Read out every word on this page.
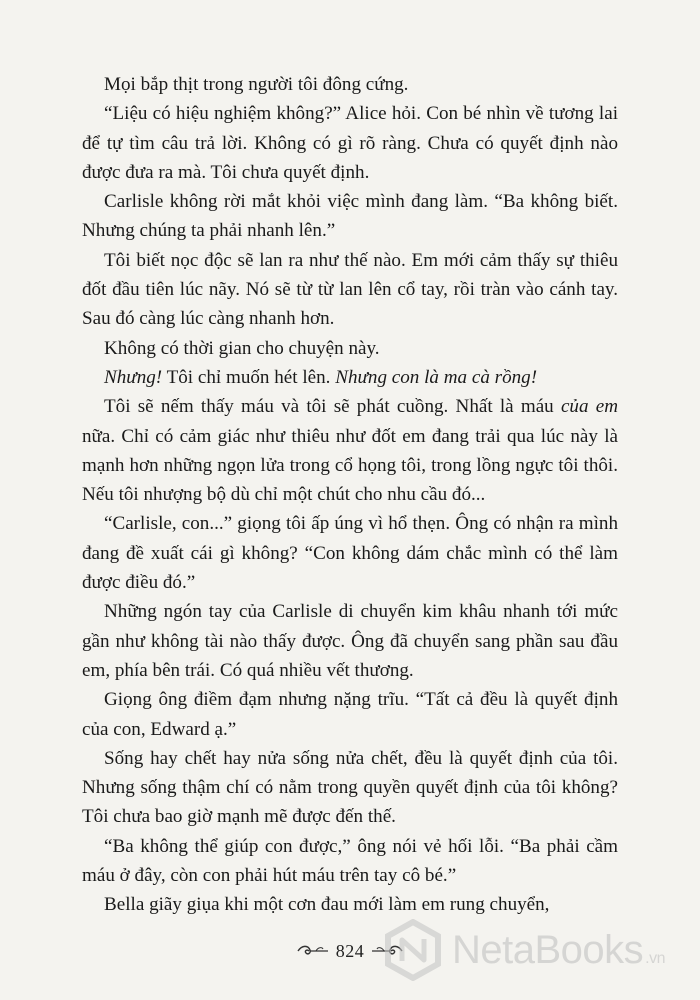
Mọi bắp thịt trong người tôi đông cứng.

“Liệu có hiệu nghiệm không?” Alice hỏi. Con bé nhìn về tương lai để tự tìm câu trả lời. Không có gì rõ ràng. Chưa có quyết định nào được đưa ra mà. Tôi chưa quyết định.

Carlisle không rời mắt khỏi việc mình đang làm. “Ba không biết. Nhưng chúng ta phải nhanh lên.”

Tôi biết nọc độc sẽ lan ra như thế nào. Em mới cảm thấy sự thiêu đốt đầu tiên lúc nãy. Nó sẽ từ từ lan lên cổ tay, rồi tràn vào cánh tay. Sau đó càng lúc càng nhanh hơn.

Không có thời gian cho chuyện này.

Nhưng! Tôi chỉ muốn hét lên. Nhưng con là ma cà rồng!

Tôi sẽ nếm thấy máu và tôi sẽ phát cuồng. Nhất là máu của em nữa. Chỉ có cảm giác như thiêu như đốt em đang trải qua lúc này là mạnh hơn những ngọn lửa trong cổ họng tôi, trong lồng ngực tôi thôi. Nếu tôi nhượng bộ dù chỉ một chút cho nhu cầu đó...

“Carlisle, con...” giọng tôi ấp úng vì hổ thẹn. Ông có nhận ra mình đang đề xuất cái gì không? “Con không dám chắc mình có thể làm được điều đó.”

Những ngón tay của Carlisle di chuyển kim khâu nhanh tới mức gần như không tài nào thấy được. Ông đã chuyển sang phần sau đầu em, phía bên trái. Có quá nhiều vết thương.

Giọng ông điềm đạm nhưng nặng trĩu. “Tất cả đều là quyết định của con, Edward ạ.”

Sống hay chết hay nửa sống nửa chết, đều là quyết định của tôi. Nhưng sống thậm chí có nằm trong quyền quyết định của tôi không? Tôi chưa bao giờ mạnh mẽ được đến thế.

“Ba không thể giúp con được,” ông nói vẻ hối lỗi. “Ba phải cầm máu ở đây, còn con phải hút máu trên tay cô bé.”

Bella giãy giụa khi một cơn đau mới làm em rung chuyển,

824 NetaBooks .vn
